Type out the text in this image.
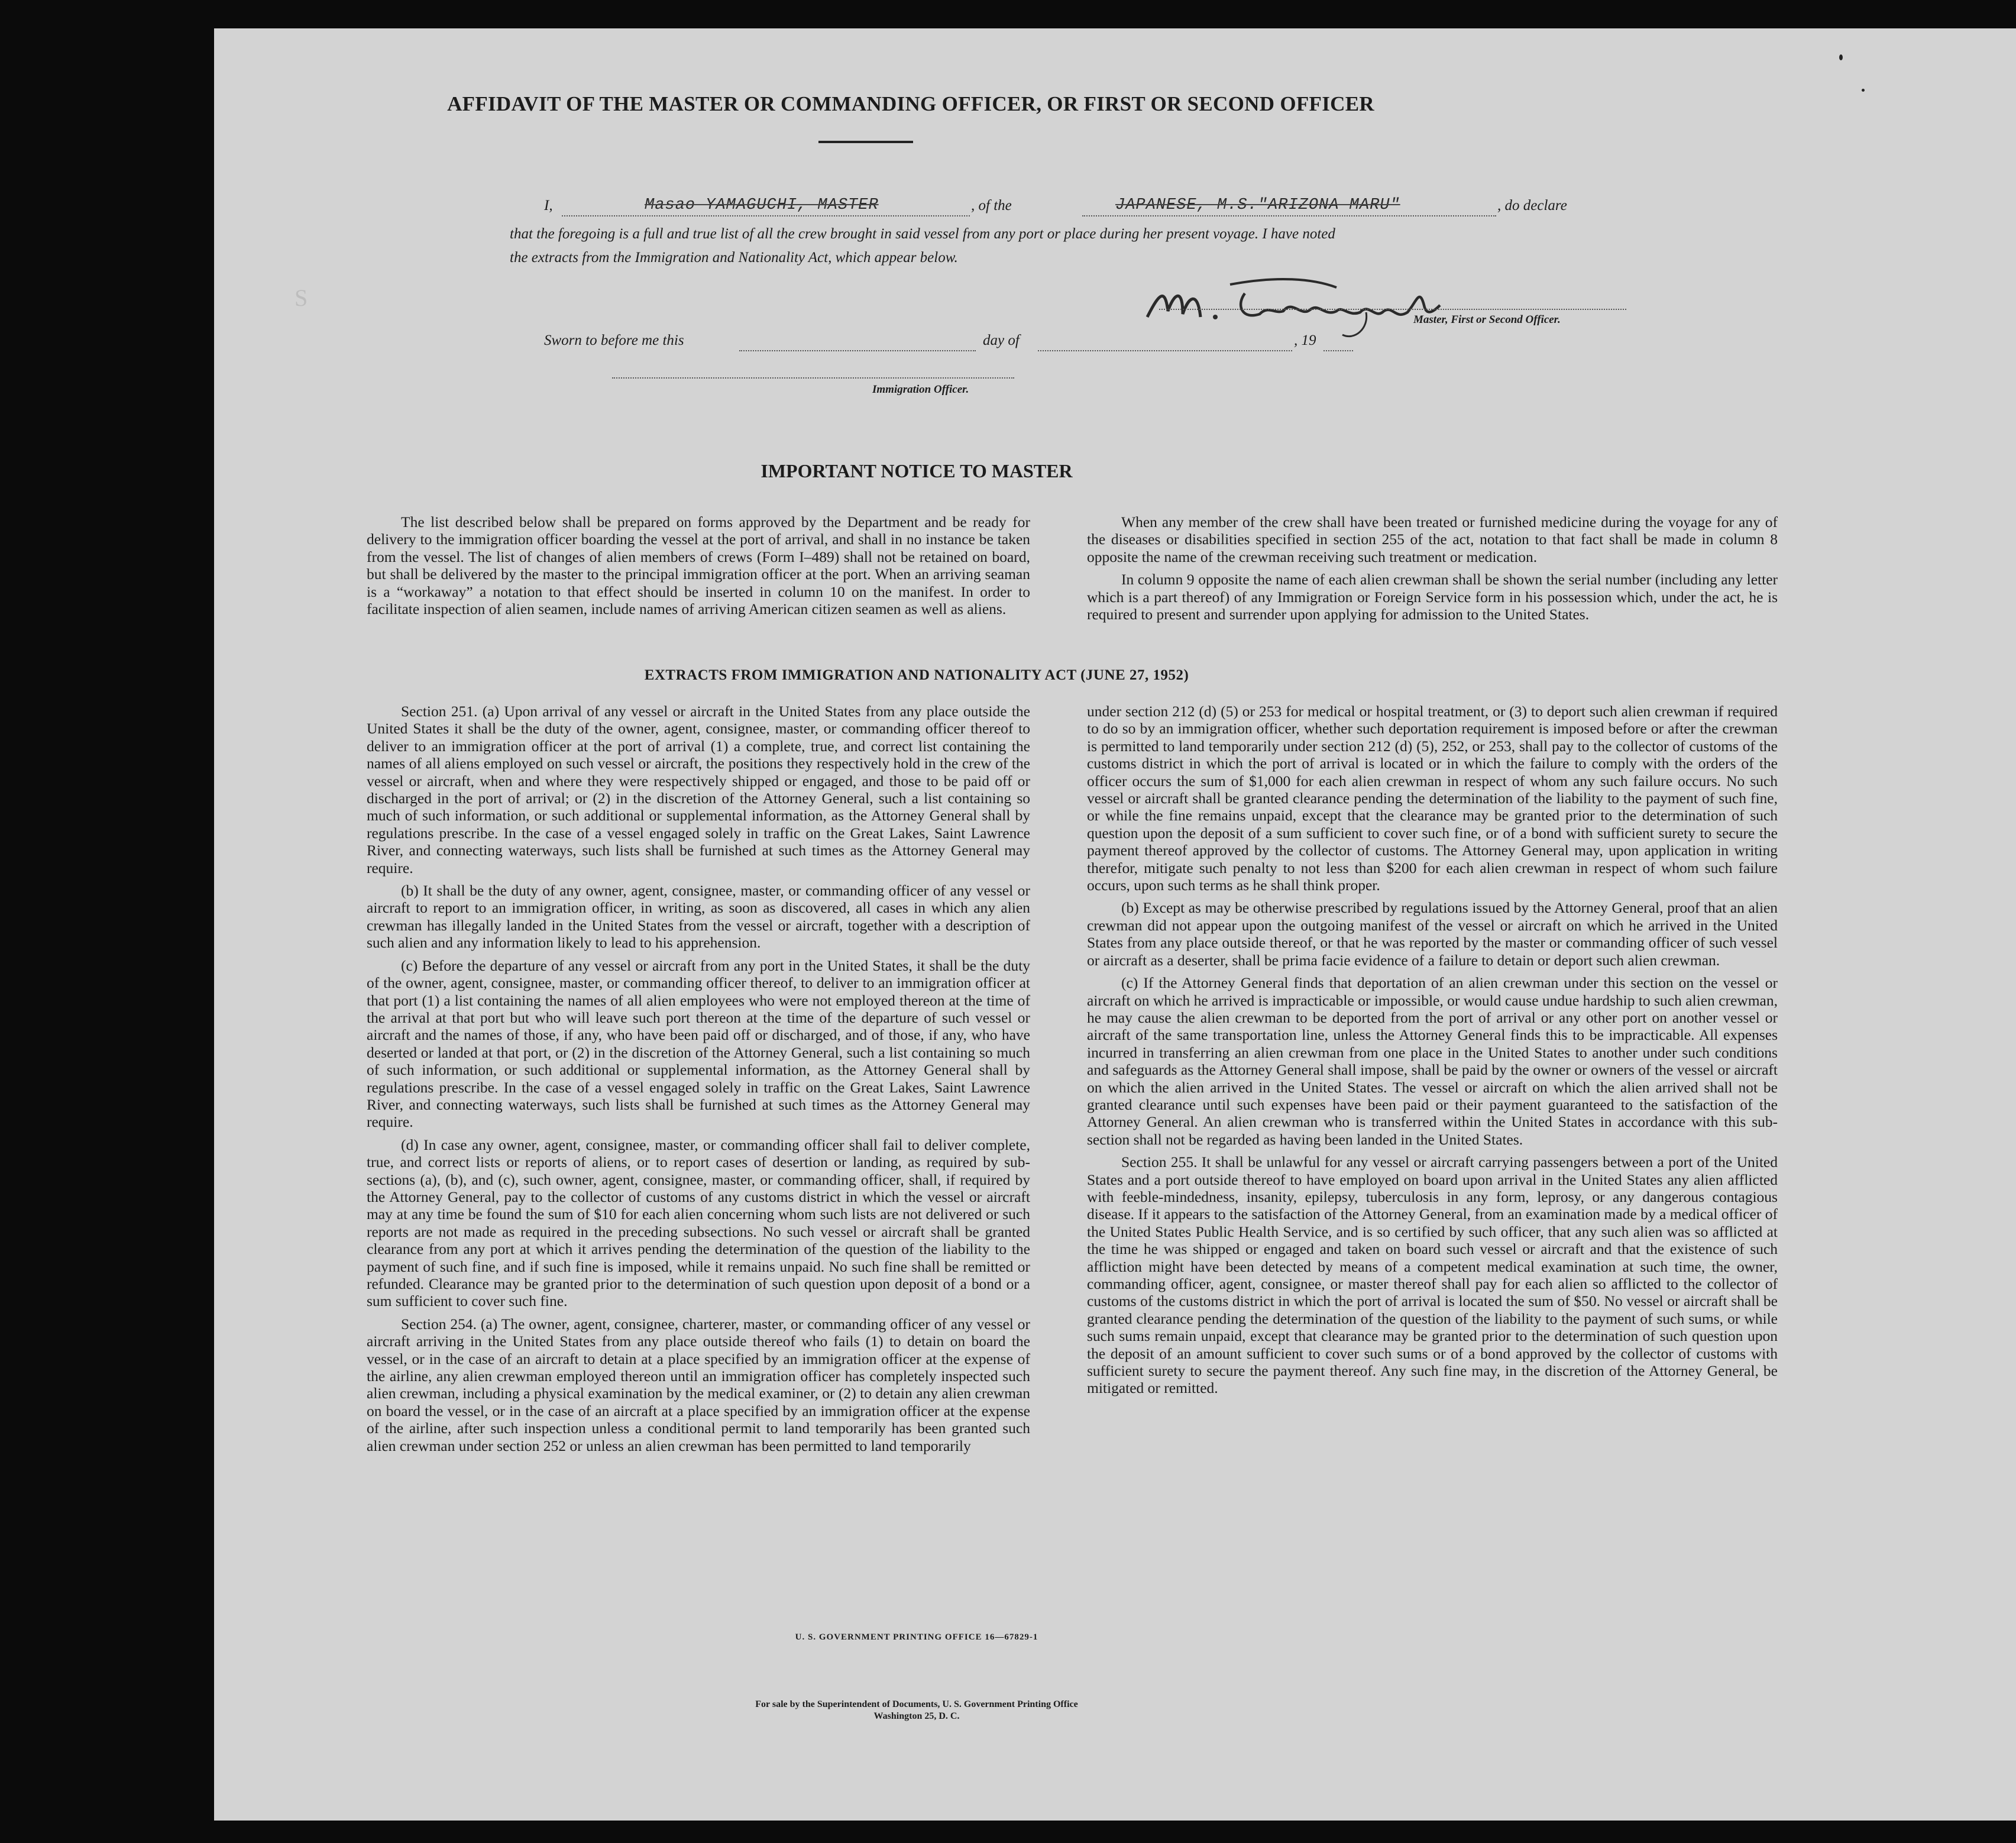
S
AFFIDAVIT OF THE MASTER OR COMMANDING OFFICER, OR FIRST OR SECOND OFFICER
I,	Masao YAMAGUCHI, MASTER	, of the	JAPANESE, M.S."ARIZONA MARU"	, do declare
that the foregoing is a full and true list of all the crew brought in said vessel from any port or place during her present voyage. I have noted
the extracts from the Immigration and Nationality Act, which appear below.
Master, First or Second Officer.
Sworn to before me this	day of	, 19
Immigration Officer.
IMPORTANT NOTICE TO MASTER

The list described below shall be prepared on forms approved by the Department and be ready for delivery to the immigration officer boarding the vessel at the port of arrival, and shall in no instance be taken from the vessel. The list of changes of alien members of crews (Form I–489) shall not be retained on board, but shall be delivered by the master to the principal immigration officer at the port. When an arriving seaman is a “workaway” a notation to that effect should be inserted in column 10 on the manifest. In order to facilitate inspection of alien seamen, include names of arriving American citizen seamen as well as aliens.

When any member of the crew shall have been treated or furnished medicine during the voyage for any of the diseases or disabilities specified in section 255 of the act, notation to that fact shall be made in column 8 opposite the name of the crewman receiving such treatment or medication.

In column 9 opposite the name of each alien crewman shall be shown the serial number (including any letter which is a part thereof) of any Immigration or Foreign Service form in his possession which, under the act, he is required to present and surrender upon applying for admission to the United States.

EXTRACTS FROM IMMIGRATION AND NATIONALITY ACT (JUNE 27, 1952)

Section 251. (a) Upon arrival of any vessel or aircraft in the United States from any place outside the United States it shall be the duty of the owner, agent, consignee, master, or commanding officer thereof to deliver to an immigration officer at the port of arrival (1) a complete, true, and correct list containing the names of all aliens employed on such vessel or aircraft, the positions they respectively hold in the crew of the vessel or aircraft, when and where they were respectively shipped or engaged, and those to be paid off or discharged in the port of arrival; or (2) in the discretion of the Attorney General, such a list containing so much of such information, or such additional or supplemental information, as the Attorney General shall by regulations prescribe. In the case of a vessel engaged solely in traffic on the Great Lakes, Saint Lawrence River, and connecting waterways, such lists shall be furnished at such times as the Attorney General may require.

(b) It shall be the duty of any owner, agent, consignee, master, or commanding officer of any vessel or aircraft to report to an immigration officer, in writing, as soon as discovered, all cases in which any alien crewman has illegally landed in the United States from the vessel or aircraft, together with a description of such alien and any information likely to lead to his apprehension.

(c) Before the departure of any vessel or aircraft from any port in the United States, it shall be the duty of the owner, agent, consignee, master, or commanding officer thereof, to deliver to an immigration officer at that port (1) a list containing the names of all alien employees who were not employed thereon at the time of the arrival at that port but who will leave such port thereon at the time of the departure of such vessel or aircraft and the names of those, if any, who have been paid off or discharged, and of those, if any, who have deserted or landed at that port, or (2) in the discretion of the Attorney General, such a list containing so much of such information, or such additional or supplemental information, as the Attorney General shall by regulations prescribe. In the case of a vessel engaged solely in traffic on the Great Lakes, Saint Lawrence River, and connecting waterways, such lists shall be furnished at such times as the Attorney General may require.

(d) In case any owner, agent, consignee, master, or commanding officer shall fail to deliver complete, true, and correct lists or reports of aliens, or to report cases of desertion or landing, as required by sub-sections (a), (b), and (c), such owner, agent, consignee, master, or commanding officer, shall, if required by the Attorney General, pay to the collector of customs of any customs district in which the vessel or aircraft may at any time be found the sum of $10 for each alien concerning whom such lists are not delivered or such reports are not made as required in the preceding subsections. No such vessel or aircraft shall be granted clearance from any port at which it arrives pending the determination of the question of the liability to the payment of such fine, and if such fine is imposed, while it remains unpaid. No such fine shall be remitted or refunded. Clearance may be granted prior to the determination of such question upon deposit of a bond or a sum sufficient to cover such fine.

Section 254. (a) The owner, agent, consignee, charterer, master, or commanding officer of any vessel or aircraft arriving in the United States from any place outside thereof who fails (1) to detain on board the vessel, or in the case of an aircraft to detain at a place specified by an immigration officer at the expense of the airline, any alien crewman employed thereon until an immigration officer has completely inspected such alien crewman, including a physical examination by the medical examiner, or (2) to detain any alien crewman on board the vessel, or in the case of an aircraft at a place specified by an immigration officer at the expense of the airline, after such inspection unless a conditional permit to land temporarily has been granted such alien crewman under section 252 or unless an alien crewman has been permitted to land temporarily

under section 212 (d) (5) or 253 for medical or hospital treatment, or (3) to deport such alien crewman if required to do so by an immigration officer, whether such deportation requirement is imposed before or after the crewman is permitted to land temporarily under section 212 (d) (5), 252, or 253, shall pay to the collector of customs of the customs district in which the port of arrival is located or in which the failure to comply with the orders of the officer occurs the sum of $1,000 for each alien crewman in respect of whom any such failure occurs. No such vessel or aircraft shall be granted clearance pending the determination of the liability to the payment of such fine, or while the fine remains unpaid, except that the clearance may be granted prior to the determination of such question upon the deposit of a sum sufficient to cover such fine, or of a bond with sufficient surety to secure the payment thereof approved by the collector of customs. The Attorney General may, upon application in writing therefor, mitigate such penalty to not less than $200 for each alien crewman in respect of whom such failure occurs, upon such terms as he shall think proper.

(b) Except as may be otherwise prescribed by regulations issued by the Attorney General, proof that an alien crewman did not appear upon the outgoing manifest of the vessel or aircraft on which he arrived in the United States from any place outside thereof, or that he was reported by the master or commanding officer of such vessel or aircraft as a deserter, shall be prima facie evidence of a failure to detain or deport such alien crewman.

(c) If the Attorney General finds that deportation of an alien crewman under this section on the vessel or aircraft on which he arrived is impracticable or impossible, or would cause undue hardship to such alien crewman, he may cause the alien crewman to be deported from the port of arrival or any other port on another vessel or aircraft of the same transportation line, unless the Attorney General finds this to be impracticable. All expenses incurred in transferring an alien crewman from one place in the United States to another under such conditions and safeguards as the Attorney General shall impose, shall be paid by the owner or owners of the vessel or aircraft on which the alien arrived in the United States. The vessel or aircraft on which the alien arrived shall not be granted clearance until such expenses have been paid or their payment guaranteed to the satisfaction of the Attorney General. An alien crewman who is transferred within the United States in accordance with this sub-section shall not be regarded as having been landed in the United States.

Section 255. It shall be unlawful for any vessel or aircraft carrying passengers between a port of the United States and a port outside thereof to have employed on board upon arrival in the United States any alien afflicted with feeble-mindedness, insanity, epilepsy, tuberculosis in any form, leprosy, or any dangerous contagious disease. If it appears to the satisfaction of the Attorney General, from an examination made by a medical officer of the United States Public Health Service, and is so certified by such officer, that any such alien was so afflicted at the time he was shipped or engaged and taken on board such vessel or aircraft and that the existence of such affliction might have been detected by means of a competent medical examination at such time, the owner, commanding officer, agent, consignee, or master thereof shall pay for each alien so afflicted to the collector of customs of the customs district in which the port of arrival is located the sum of $50. No vessel or aircraft shall be granted clearance pending the determination of the question of the liability to the payment of such sums, or while such sums remain unpaid, except that clearance may be granted prior to the determination of such question upon the deposit of an amount sufficient to cover such sums or of a bond approved by the collector of customs with sufficient surety to secure the payment thereof. Any such fine may, in the discretion of the Attorney General, be mitigated or remitted.

U. S. GOVERNMENT PRINTING OFFICE 16—67829-1
For sale by the Superintendent of Documents, U. S. Government Printing Office
Washington 25, D. C.
